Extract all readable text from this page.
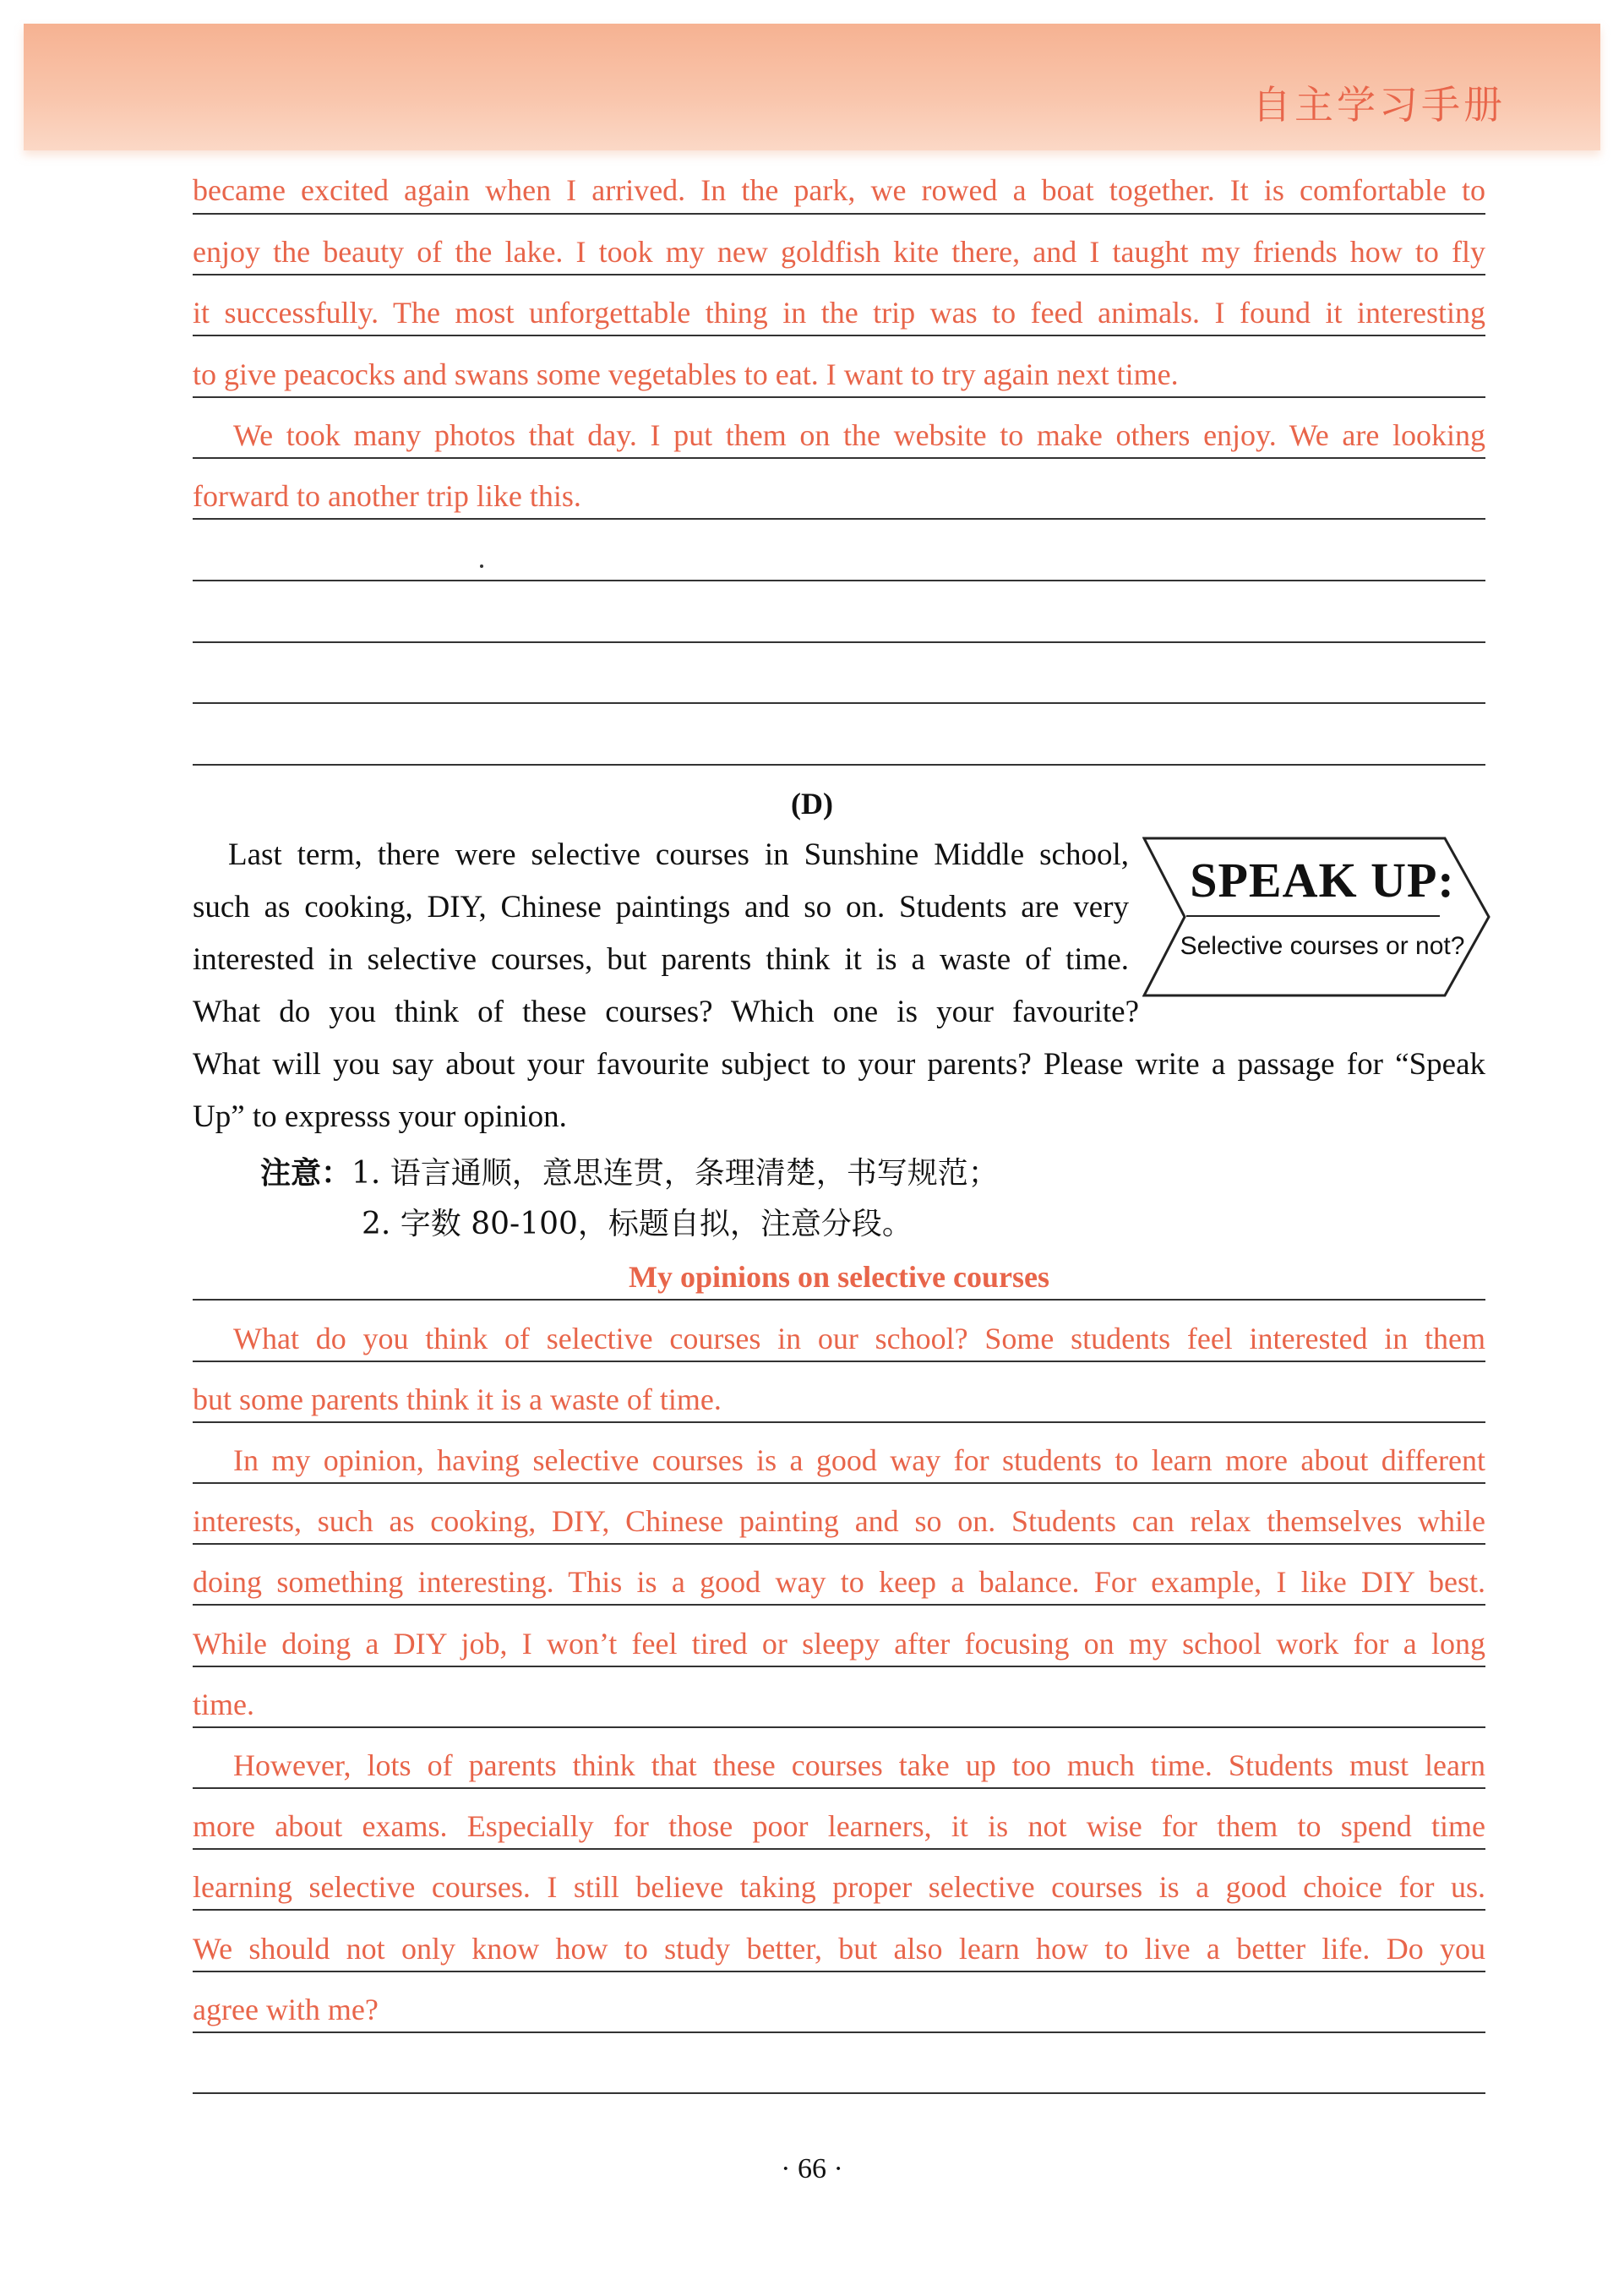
自主学习手册
became excited again when I arrived. In the park, we rowed a boat together. It is comfortable to
enjoy the beauty of the lake. I took my new goldfish kite there, and I taught my friends how to fly
it successfully. The most unforgettable thing in the trip was to feed animals. I found it interesting
to give peacocks and swans some vegetables to eat. I want to try again next time.
We took many photos that day. I put them on the website to make others enjoy. We are looking
forward to another trip like this.
(D)
Last term, there were selective courses in Sunshine Middle school,
such as cooking, DIY, Chinese paintings and so on. Students are very
interested in selective courses, but parents think it is a waste of time.
What do you think of these courses? Which one is your favourite?
What will you say about your favourite subject to your parents? Please write a passage for “Speak
Up” to expresss your opinion.
SPEAK UP:
Selective courses or not?
注意：1. 语言通顺，意思连贯，条理清楚，书写规范；
2. 字数 80-100，标题自拟，注意分段。
My opinions on selective courses
What do you think of selective courses in our school? Some students feel interested in them
but some parents think it is a waste of time.
In my opinion, having selective courses is a good way for students to learn more about different
interests, such as cooking, DIY, Chinese painting and so on. Students can relax themselves while
doing something interesting. This is a good way to keep a balance. For example, I like DIY best.
While doing a DIY job, I won’t feel tired or sleepy after focusing on my school work for a long
time.
However, lots of parents think that these courses take up too much time. Students must learn
more about exams. Especially for those poor learners, it is not wise for them to spend time
learning selective courses. I still believe taking proper selective courses is a good choice for us.
We should not only know how to study better, but also learn how to live a better life. Do you
agree with me?
· 66 ·
